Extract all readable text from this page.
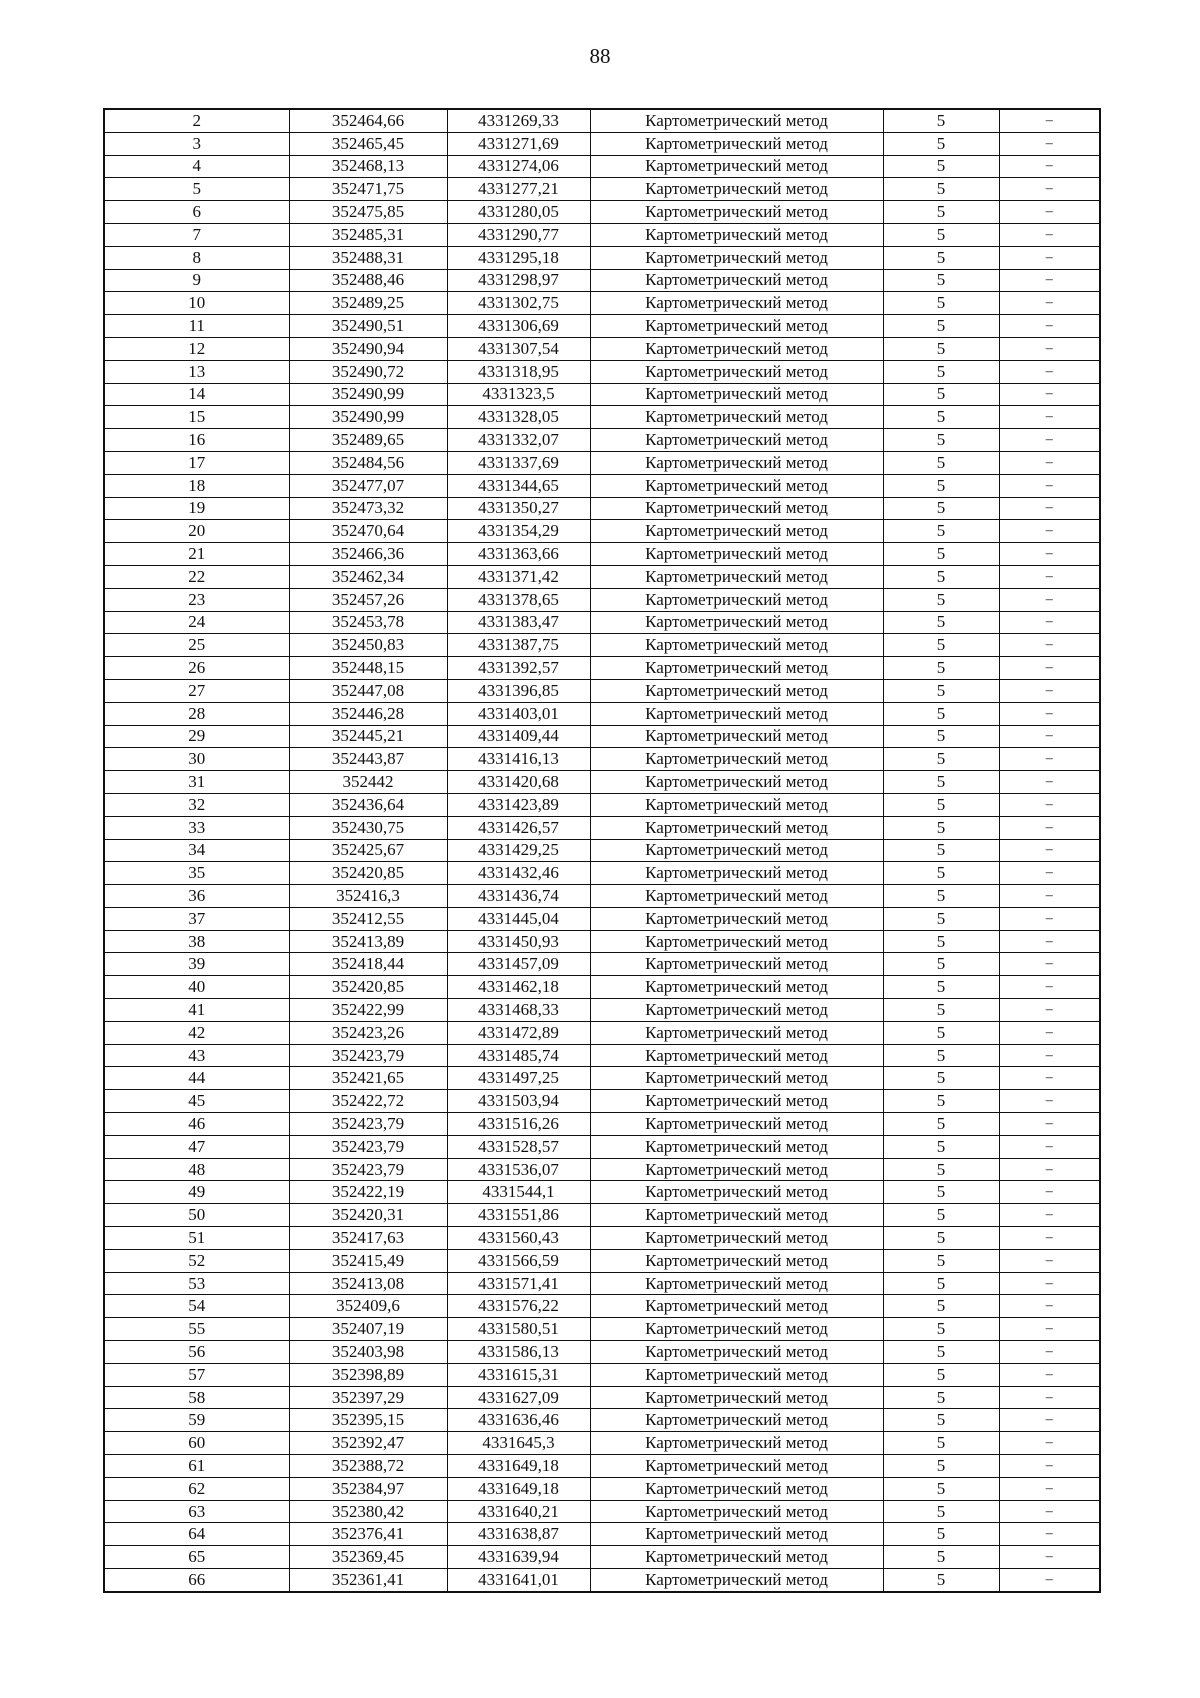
88
2	352464,66	4331269,33	Картометрический метод	5	–
3	352465,45	4331271,69	Картометрический метод	5	–
4	352468,13	4331274,06	Картометрический метод	5	–
5	352471,75	4331277,21	Картометрический метод	5	–
6	352475,85	4331280,05	Картометрический метод	5	–
7	352485,31	4331290,77	Картометрический метод	5	–
8	352488,31	4331295,18	Картометрический метод	5	–
9	352488,46	4331298,97	Картометрический метод	5	–
10	352489,25	4331302,75	Картометрический метод	5	–
11	352490,51	4331306,69	Картометрический метод	5	–
12	352490,94	4331307,54	Картометрический метод	5	–
13	352490,72	4331318,95	Картометрический метод	5	–
14	352490,99	4331323,5	Картометрический метод	5	–
15	352490,99	4331328,05	Картометрический метод	5	–
16	352489,65	4331332,07	Картометрический метод	5	–
17	352484,56	4331337,69	Картометрический метод	5	–
18	352477,07	4331344,65	Картометрический метод	5	–
19	352473,32	4331350,27	Картометрический метод	5	–
20	352470,64	4331354,29	Картометрический метод	5	–
21	352466,36	4331363,66	Картометрический метод	5	–
22	352462,34	4331371,42	Картометрический метод	5	–
23	352457,26	4331378,65	Картометрический метод	5	–
24	352453,78	4331383,47	Картометрический метод	5	–
25	352450,83	4331387,75	Картометрический метод	5	–
26	352448,15	4331392,57	Картометрический метод	5	–
27	352447,08	4331396,85	Картометрический метод	5	–
28	352446,28	4331403,01	Картометрический метод	5	–
29	352445,21	4331409,44	Картометрический метод	5	–
30	352443,87	4331416,13	Картометрический метод	5	–
31	352442	4331420,68	Картометрический метод	5	–
32	352436,64	4331423,89	Картометрический метод	5	–
33	352430,75	4331426,57	Картометрический метод	5	–
34	352425,67	4331429,25	Картометрический метод	5	–
35	352420,85	4331432,46	Картометрический метод	5	–
36	352416,3	4331436,74	Картометрический метод	5	–
37	352412,55	4331445,04	Картометрический метод	5	–
38	352413,89	4331450,93	Картометрический метод	5	–
39	352418,44	4331457,09	Картометрический метод	5	–
40	352420,85	4331462,18	Картометрический метод	5	–
41	352422,99	4331468,33	Картометрический метод	5	–
42	352423,26	4331472,89	Картометрический метод	5	–
43	352423,79	4331485,74	Картометрический метод	5	–
44	352421,65	4331497,25	Картометрический метод	5	–
45	352422,72	4331503,94	Картометрический метод	5	–
46	352423,79	4331516,26	Картометрический метод	5	–
47	352423,79	4331528,57	Картометрический метод	5	–
48	352423,79	4331536,07	Картометрический метод	5	–
49	352422,19	4331544,1	Картометрический метод	5	–
50	352420,31	4331551,86	Картометрический метод	5	–
51	352417,63	4331560,43	Картометрический метод	5	–
52	352415,49	4331566,59	Картометрический метод	5	–
53	352413,08	4331571,41	Картометрический метод	5	–
54	352409,6	4331576,22	Картометрический метод	5	–
55	352407,19	4331580,51	Картометрический метод	5	–
56	352403,98	4331586,13	Картометрический метод	5	–
57	352398,89	4331615,31	Картометрический метод	5	–
58	352397,29	4331627,09	Картометрический метод	5	–
59	352395,15	4331636,46	Картометрический метод	5	–
60	352392,47	4331645,3	Картометрический метод	5	–
61	352388,72	4331649,18	Картометрический метод	5	–
62	352384,97	4331649,18	Картометрический метод	5	–
63	352380,42	4331640,21	Картометрический метод	5	–
64	352376,41	4331638,87	Картометрический метод	5	–
65	352369,45	4331639,94	Картометрический метод	5	–
66	352361,41	4331641,01	Картометрический метод	5	–
